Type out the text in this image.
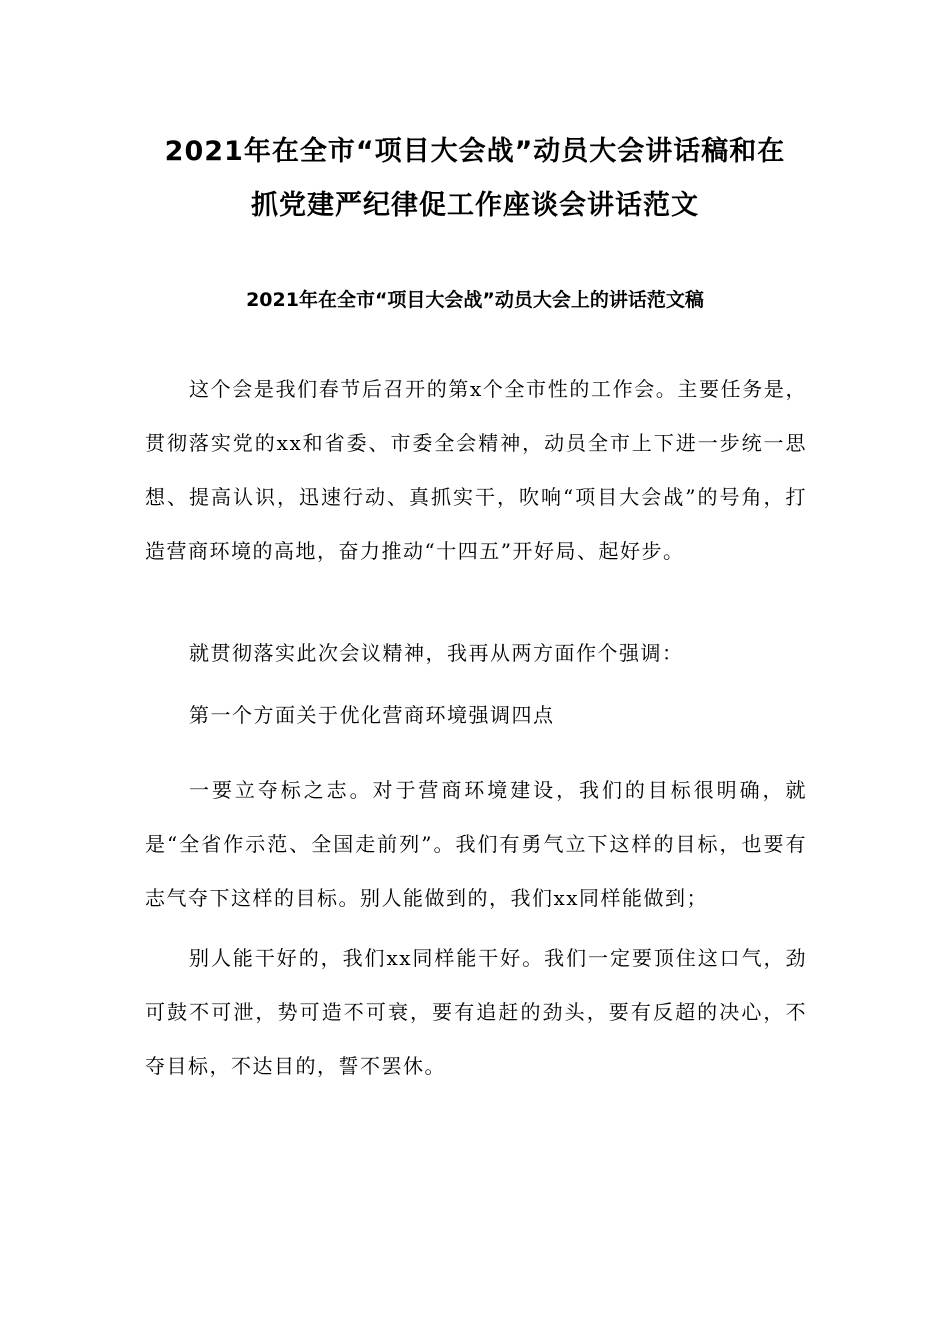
2021年在全市“项目大会战”动员大会讲话稿和在
抓党建严纪律促工作座谈会讲话范文
2021年在全市“项目大会战”动员大会上的讲话范文稿

这个会是我们春节后召开的第x个全市性的工作会。主要任务是，贯彻落实党的xx和省委、市委全会精神，动员全市上下进一步统一思想、提高认识，迅速行动、真抓实干，吹响“项目大会战”的号角，打造营商环境的高地，奋力推动“十四五”开好局、起好步。

就贯彻落实此次会议精神，我再从两方面作个强调：

第一个方面关于优化营商环境强调四点

一要立夺标之志。对于营商环境建设，我们的目标很明确，就是“全省作示范、全国走前列”。我们有勇气立下这样的目标，也要有志气夺下这样的目标。别人能做到的，我们xx同样能做到；

别人能干好的，我们xx同样能干好。我们一定要顶住这口气，劲可鼓不可泄，势可造不可衰，要有追赶的劲头，要有反超的决心，不夺目标，不达目的，誓不罢休。
